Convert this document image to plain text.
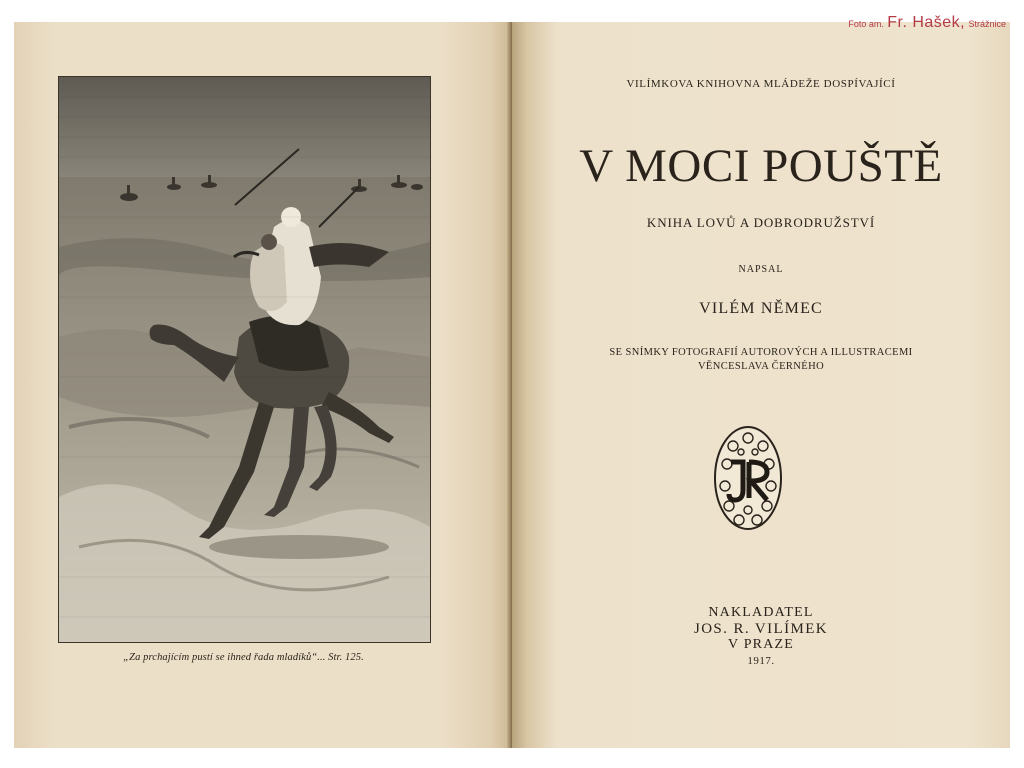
„Za prchajícím pustí se ihned řada mladíků“... Str. 125.
VILÍMKOVA KNIHOVNA MLÁDEŽE DOSPÍVAJÍCÍ
V MOCI POUŠTĚ
KNIHA LOVŮ A DOBRODRUŽSTVÍ
NAPSAL
VILÉM NĚMEC
SE SNÍMKY FOTOGRAFIÍ AUTOROVÝCH A ILLUSTRACEMI
VĚNCESLAVA ČERNÉHO
NAKLADATEL
JOS. R. VILÍMEK
V PRAZE
1917.
Foto am. Fr. Hašek, Strážnice
